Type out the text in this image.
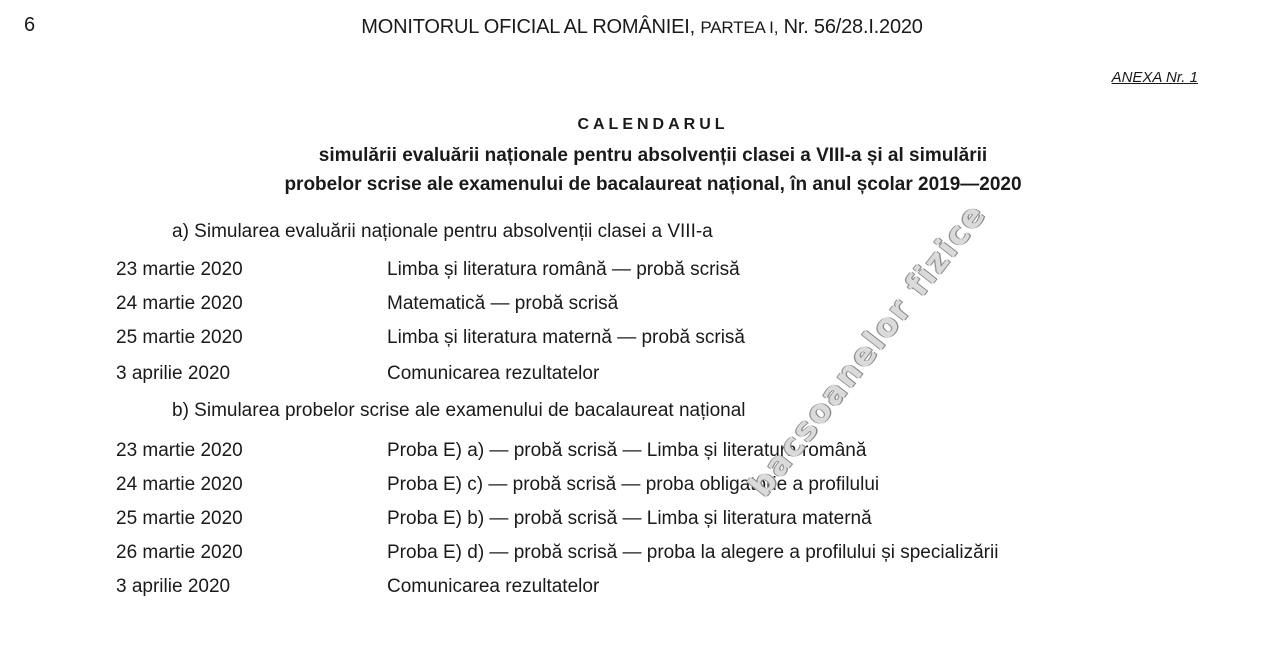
6	MONITORUL OFICIAL AL ROMÂNIEI, PARTEA I, Nr. 56/28.I.2020
ANEXA Nr. 1
CALENDARUL
simulării evaluării naționale pentru absolvenții clasei a VIII-a și al simulării
probelor scrise ale examenului de bacalaureat național, în anul școlar 2019—2020
a) Simularea evaluării naționale pentru absolvenții clasei a VIII-a
23 martie 2020	Limba și literatura română — probă scrisă
24 martie 2020	Matematică — probă scrisă
25 martie 2020	Limba și literatura maternă — probă scrisă
3 aprilie 2020	Comunicarea rezultatelor
b) Simularea probelor scrise ale examenului de bacalaureat național
23 martie 2020	Proba E) a) — probă scrisă — Limba și literatura română
24 martie 2020	Proba E) c) — probă scrisă — proba obligatorie a profilului
25 martie 2020	Proba E) b) — probă scrisă — Limba și literatura maternă
26 martie 2020	Proba E) d) — probă scrisă — proba la alegere a profilului și specializării
3 aprilie 2020	Comunicarea rezultatelor
bacsoanelor fizice
